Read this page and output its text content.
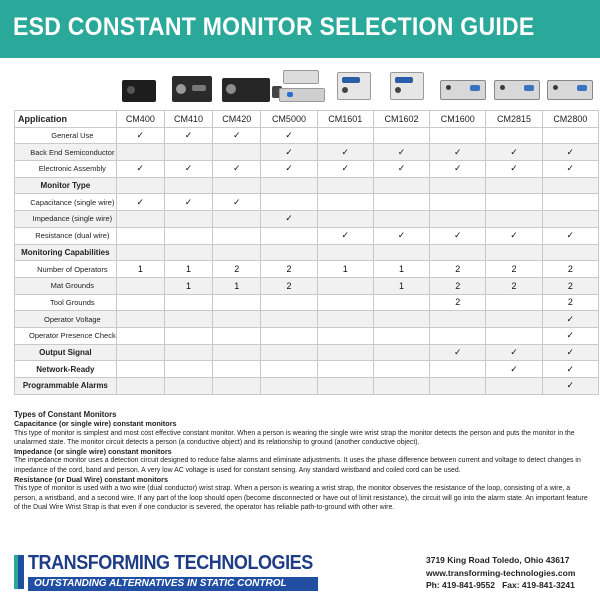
ESD CONSTANT MONITOR SELECTION GUIDE
Application	CM400	CM410	CM420	CM5000	CM1601	CM1602	CM1600	CM2815	CM2800
General Use	✓	✓	✓	✓					
Back End Semiconductor				✓	✓	✓	✓	✓	✓
Electronic Assembly	✓	✓	✓	✓	✓	✓	✓	✓	✓
Monitor Type									
Capacitance (single wire)	✓	✓	✓						
Impedance (single wire)				✓					
Resistance (dual wire)					✓	✓	✓	✓	✓
Monitoring Capabilities									
Number of Operators	1	1	2	2	1	1	2	2	2
Mat Grounds		1	1	2		1	2	2	2
Tool Grounds							2		2
Operator Voltage									✓
Operator Presence Check									✓
Output Signal							✓	✓	✓
Network-Ready								✓	✓
Programmable Alarms									✓
Types of Constant Monitors
Capacitance (or single wire) constant monitors
This type of monitor is simplest and most cost effective constant monitor. When a person is wearing the single wire wrist strap the monitor detects the person and puts the monitor in the unalarmed state. The monitor circuit detects a person (a conductive object) and its relationship to ground (another conductive object).
Impedance (or single wire) constant monitors
The impedance monitor uses a detection circuit designed to reduce false alarms and eliminate adjustments. It uses the phase difference between current and voltage to detect changes in impedance of the cord, band and person. A very low AC voltage is used for constant sensing. Any standard wristband and coiled cord can be used.
Resistance (or Dual Wire) constant monitors
This type of monitor is used with a two wire (dual conductor) wrist strap. When a person is wearing a wrist strap, the monitor observes the resistance of the loop, consisting of a wire, a person, a wristband, and a second wire. If any part of the loop should open (become disconnected or have out of limit resistance), the circuit will go into the alarm state. An important feature of the Dual Wire Wrist Strap is that even if one conductor is severed, the operator has reliable path-to-ground with other wire.
TRANSFORMING TECHNOLOGIES
OUTSTANDING ALTERNATIVES IN STATIC CONTROL
3719 King Road Toledo, Ohio 43617
www.transforming-technologies.com
Ph: 419-841-9552 Fax: 419-841-3241
